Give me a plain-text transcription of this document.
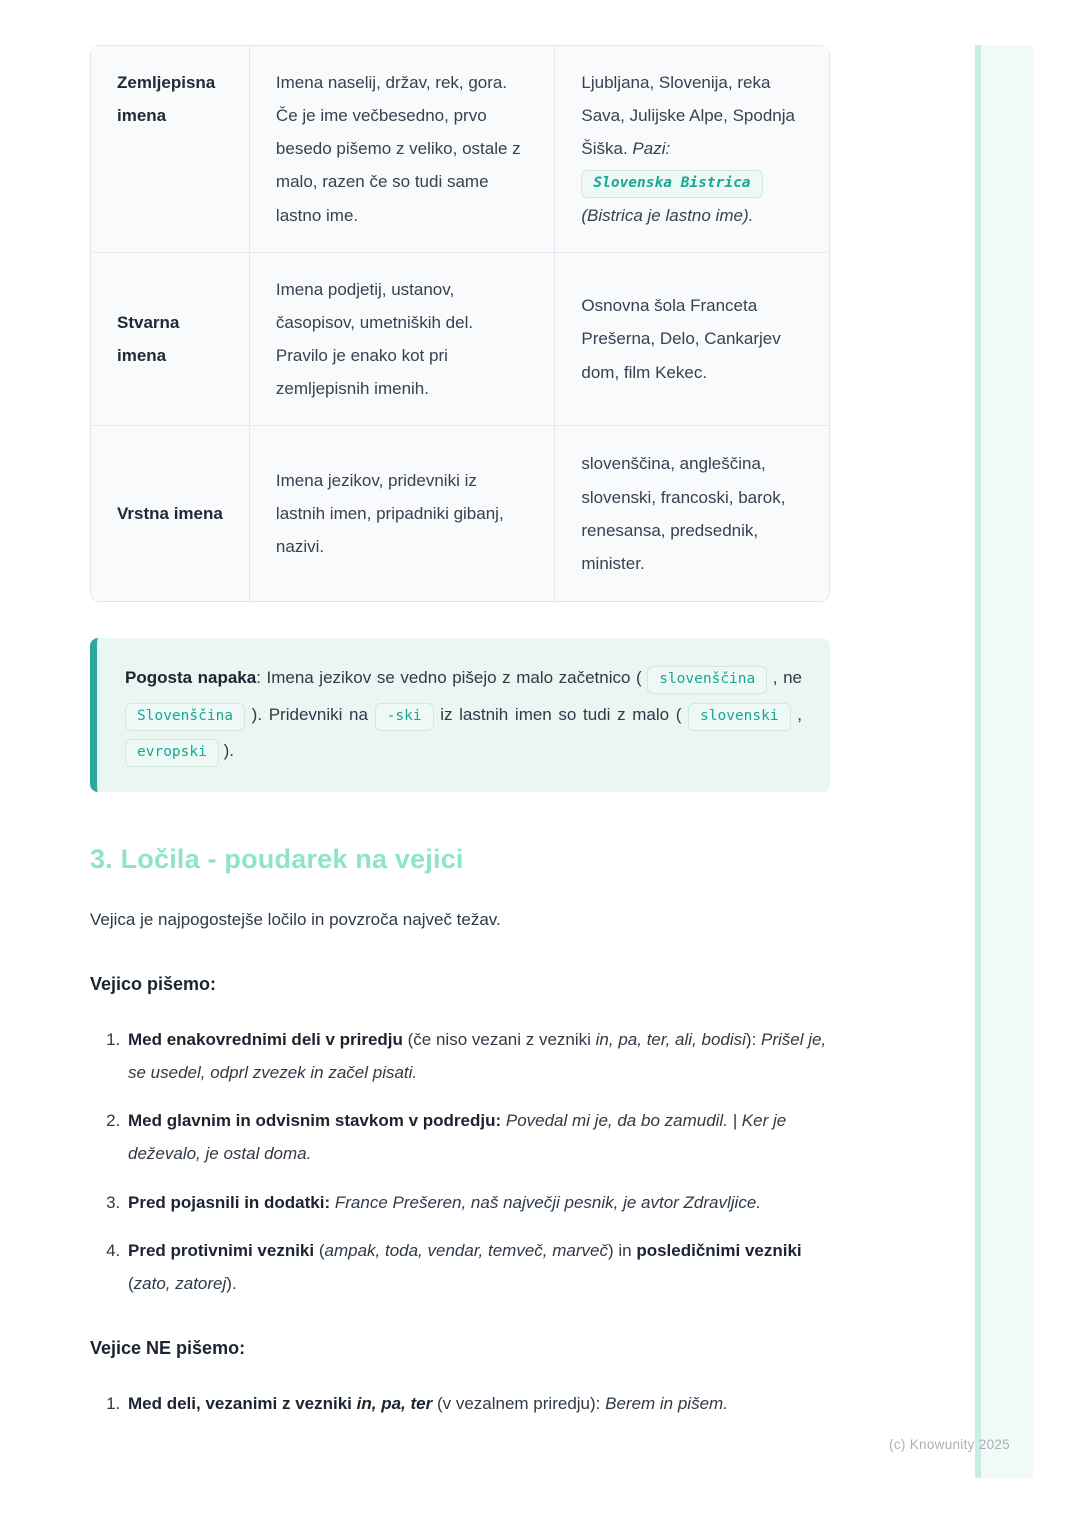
Zemljepisna imena	Imena naselij, držav, rek, gora. Če je ime večbesedno, prvo besedo pišemo z veliko, ostale z malo, razen če so tudi same lastno ime.	Ljubljana, Slovenija, reka Sava, Julijske Alpe, Spodnja Šiška. Pazi:
Slovenska Bistrica
(Bistrica je lastno ime).
Stvarna imena	Imena podjetij, ustanov, časopisov, umetniških del. Pravilo je enako kot pri zemljepisnih imenih.	Osnovna šola Franceta Prešerna, Delo, Cankarjev dom, film Kekec.
Vrstna imena	Imena jezikov, pridevniki iz lastnih imen, pripadniki gibanj, nazivi.	slovenščina, angleščina, slovenski, francoski, barok, renesansa, predsednik, minister.
Pogosta napaka: Imena jezikov se vedno pišejo z malo začetnico ( slovenščina , ne Slovenščina ). Pridevniki na -ski iz lastnih imen so tudi z malo ( slovenski , evropski ).
3. Ločila - poudarek na vejici

Vejica je najpogostejše ločilo in povzroča največ težav.

Vejico pišemo:
1. Med enakovrednimi deli v priredju (če niso vezani z vezniki in, pa, ter, ali, bodisi): Prišel je, se usedel, odprl zvezek in začel pisati.
2. Med glavnim in odvisnim stavkom v podredju: Povedal mi je, da bo zamudil. | Ker je deževalo, je ostal doma.
3. Pred pojasnili in dodatki: France Prešeren, naš največji pesnik, je avtor Zdravljice.
4. Pred protivnimi vezniki (ampak, toda, vendar, temveč, marveč) in posledičnimi vezniki (zato, zatorej).
Vejice NE pišemo:
1. Med deli, vezanimi z vezniki in, pa, ter (v vezalnem priredju): Berem in pišem.
(c) Knowunity 2025
